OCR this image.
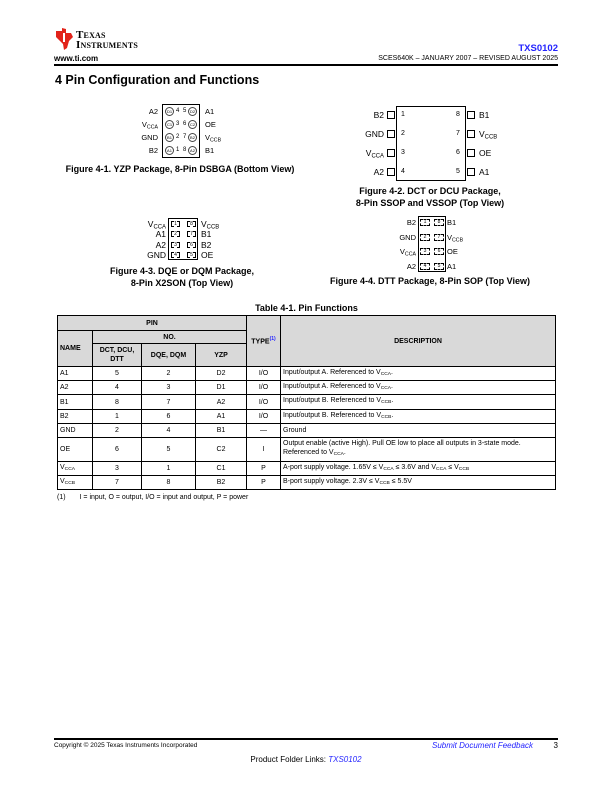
Texas
Instruments
www.ti.com
TXS0102
SCES640K – JANUARY 2007 – REVISED AUGUST 2025
4 Pin Configuration and Functions
Figure 4-1. YZP Package, 8-Pin DSBGA (Bottom View)
Figure 4-2. DCT or DCU Package,
8-Pin SSOP and VSSOP (Top View)
Figure 4-3. DQE or DQM Package,
8-Pin X2SON (Top View)	Figure 4-4. DTT Package, 8-Pin SOP (Top View)
Table 4-1. Pin Functions
PIN				TYPE$^{(1)}$	DESCRIPTION
NAME	NO.				
	DCT, DCU, DTT	DQE, DQM	YZP		
A1	5	2	D2	I/O	Input/output A. Referenced to $V_{CCA}$.
A2	4	3	D1	I/O	Input/output A. Referenced to $V_{CCA}$.
B1	8	7	A2	I/O	Input/output B. Referenced to $V_{CCB}$.
B2	1	6	A1	I/O	Input/output B. Referenced to $V_{CCB}$.
GND	2	4	B1	—	Ground
OE	6	5	C2	I	Output enable (active High). Pull OE low to place all outputs in 3-state mode. Referenced to $V_{CCA}$.
$V_{CCA}$	3	1	C1	P	A-port supply voltage. $1.65V \le V_{CCA} \le 3.6V$ and $V_{CCA} \le V_{CCB}$
$V_{CCB}$	7	8	B2	P	B-port supply voltage. $2.3V \le V_{CCB} \le 5.5V$
(1) I = input, O = output, I/O = input and output, P = power
Copyright © 2025 Texas Instruments Incorporated	Submit Document Feedback	3
Product Folder Links: TXS0102
A2	A1
D1 4 5 D2
$V_{CCA}$	OE
C1 3 6 C2
GND	$V_{CCB}$
B1 2 7 B2
B2	B1
A1 1 8 A2
B2	B1
1	8
GND	$V_{CCB}$
2	7
$V_{CCA}$	OE
3	6
A2	A1
4	5
1	8
$V_{CCA}$	$V_{CCB}$
2	7
A1	B1
3	6
A2	B2
4	5
GND	OE
1	8
B2	B1
2	7
GND	$V_{CCB}$
3	6
$V_{CCA}$	OE
4	5
A2	A1
